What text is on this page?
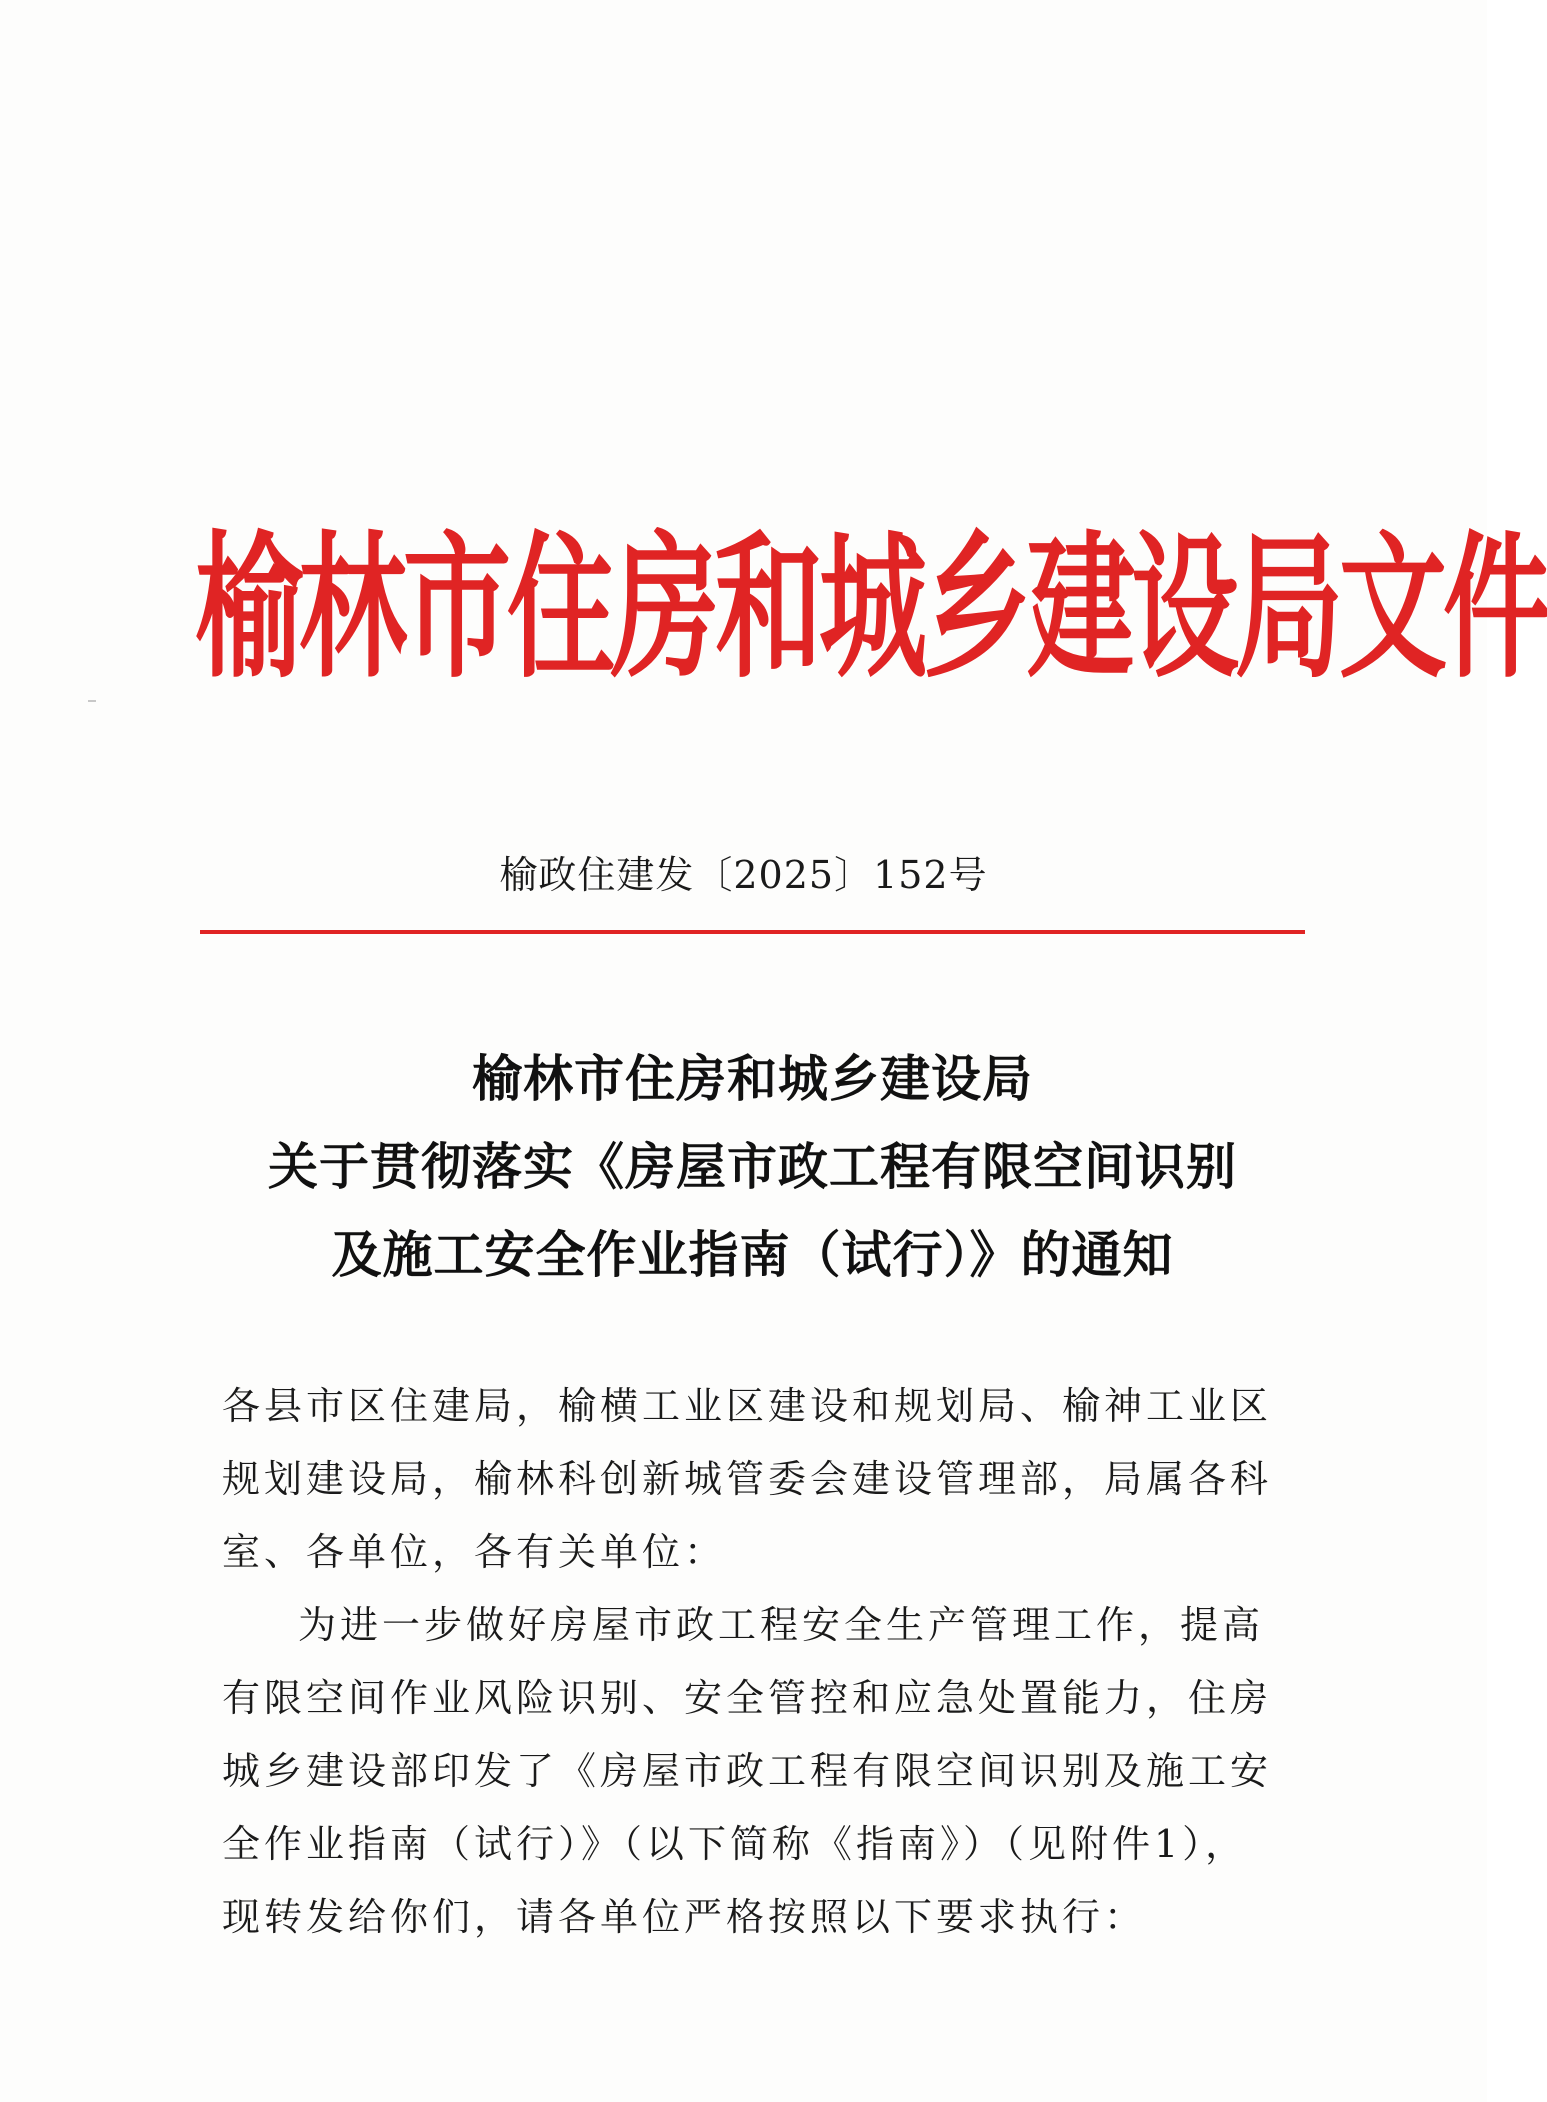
榆林市住房和城乡建设局文件
榆政住建发〔2025〕152号
榆林市住房和城乡建设局
关于贯彻落实《房屋市政工程有限空间识别
及施工安全作业指南（试行）》的通知

各县市区住建局，榆横工业区建设和规划局、榆神工业区规划建设局，榆林科创新城管委会建设管理部，局属各科室、各单位，各有关单位：

为进一步做好房屋市政工程安全生产管理工作，提高有限空间作业风险识别、安全管控和应急处置能力，住房城乡建设部印发了《房屋市政工程有限空间识别及施工安全作业指南（试行）》（以下简称《指南》）（见附件1），现转发给你们，请各单位严格按照以下要求执行：
